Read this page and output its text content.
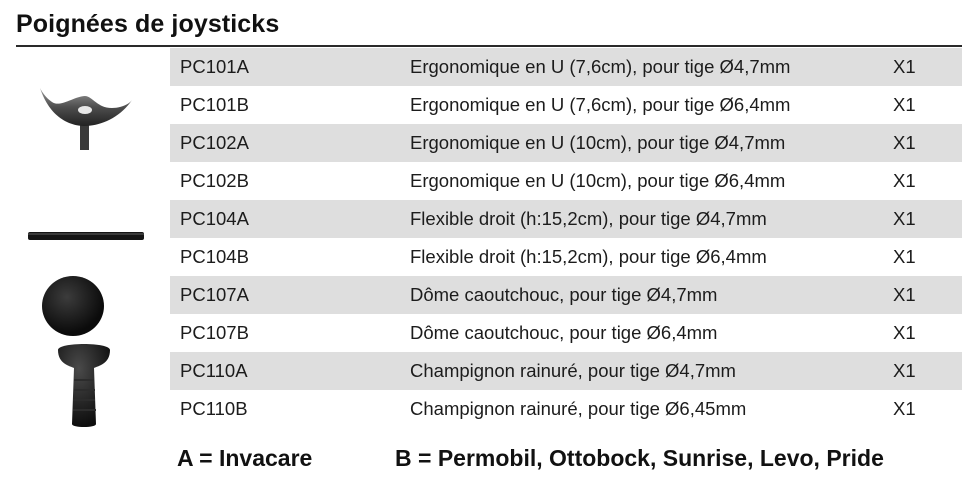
Poignées de joysticks
PC101A	Ergonomique en U (7,6cm), pour tige Ø4,7mm	X1
PC101B	Ergonomique en U (7,6cm), pour tige Ø6,4mm	X1
PC102A	Ergonomique en U (10cm), pour tige Ø4,7mm	X1
PC102B	Ergonomique en U (10cm), pour tige Ø6,4mm	X1
PC104A	Flexible droit (h:15,2cm), pour tige Ø4,7mm	X1
PC104B	Flexible droit (h:15,2cm), pour tige Ø6,4mm	X1
PC107A	Dôme caoutchouc, pour tige Ø4,7mm	X1
PC107B	Dôme caoutchouc, pour tige Ø6,4mm	X1
PC110A	Champignon rainuré, pour tige Ø4,7mm	X1
PC110B	Champignon rainuré, pour tige Ø6,45mm	X1
A = Invacare	B = Permobil, Ottobock, Sunrise, Levo, Pride
